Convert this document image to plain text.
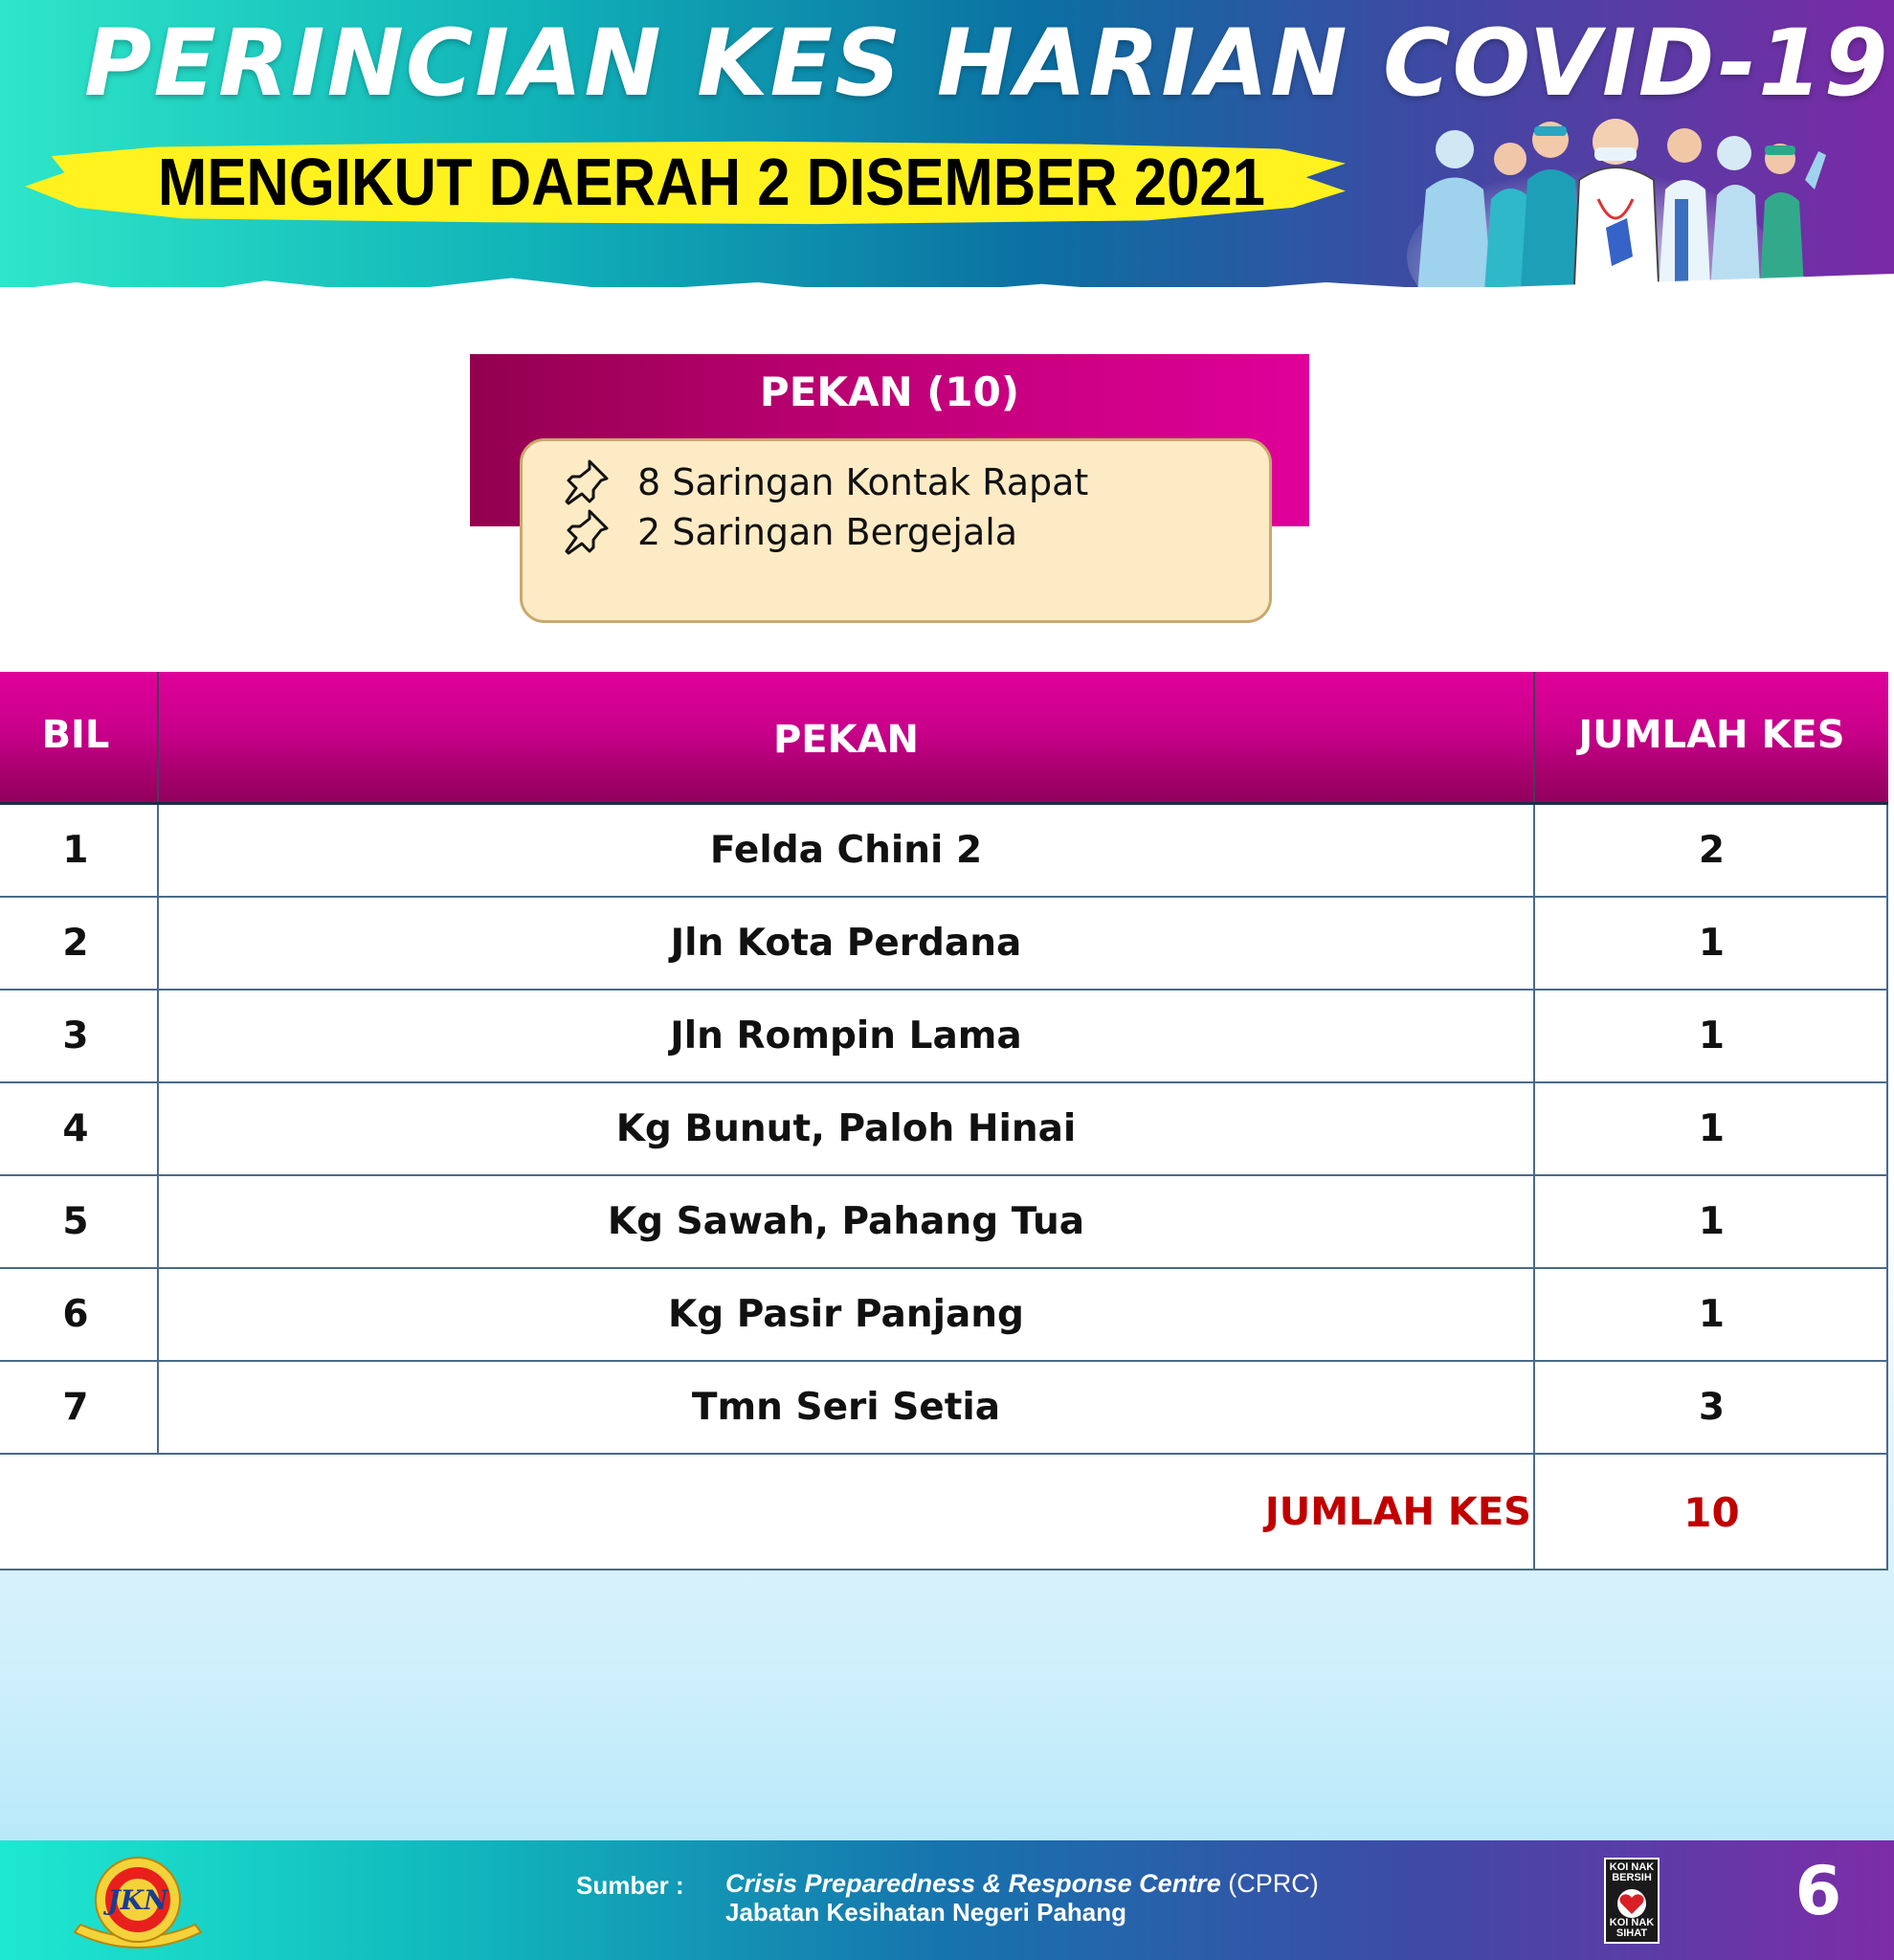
PERINCIAN KES HARIAN COVID-19
MENGIKUT DAERAH 2 DISEMBER 2021
PEKAN (10)
8 Saringan Kontak Rapat
2 Saringan Bergejala
BIL	PEKAN	JUMLAH KES
1	Felda Chini 2	2
2	Jln Kota Perdana	1
3	Jln Rompin Lama	1
4	Kg Bunut, Paloh Hinai	1
5	Kg Sawah, Pahang Tua	1
6	Kg Pasir Panjang	1
7	Tmn Seri Setia	3
JUMLAH KES	10
JKN	Sumber : Crisis Preparedness & Response Centre (CPRC)
Jabatan Kesihatan Negeri Pahang
KOI NAK BERSIH
KOI NAK SIHAT
6
